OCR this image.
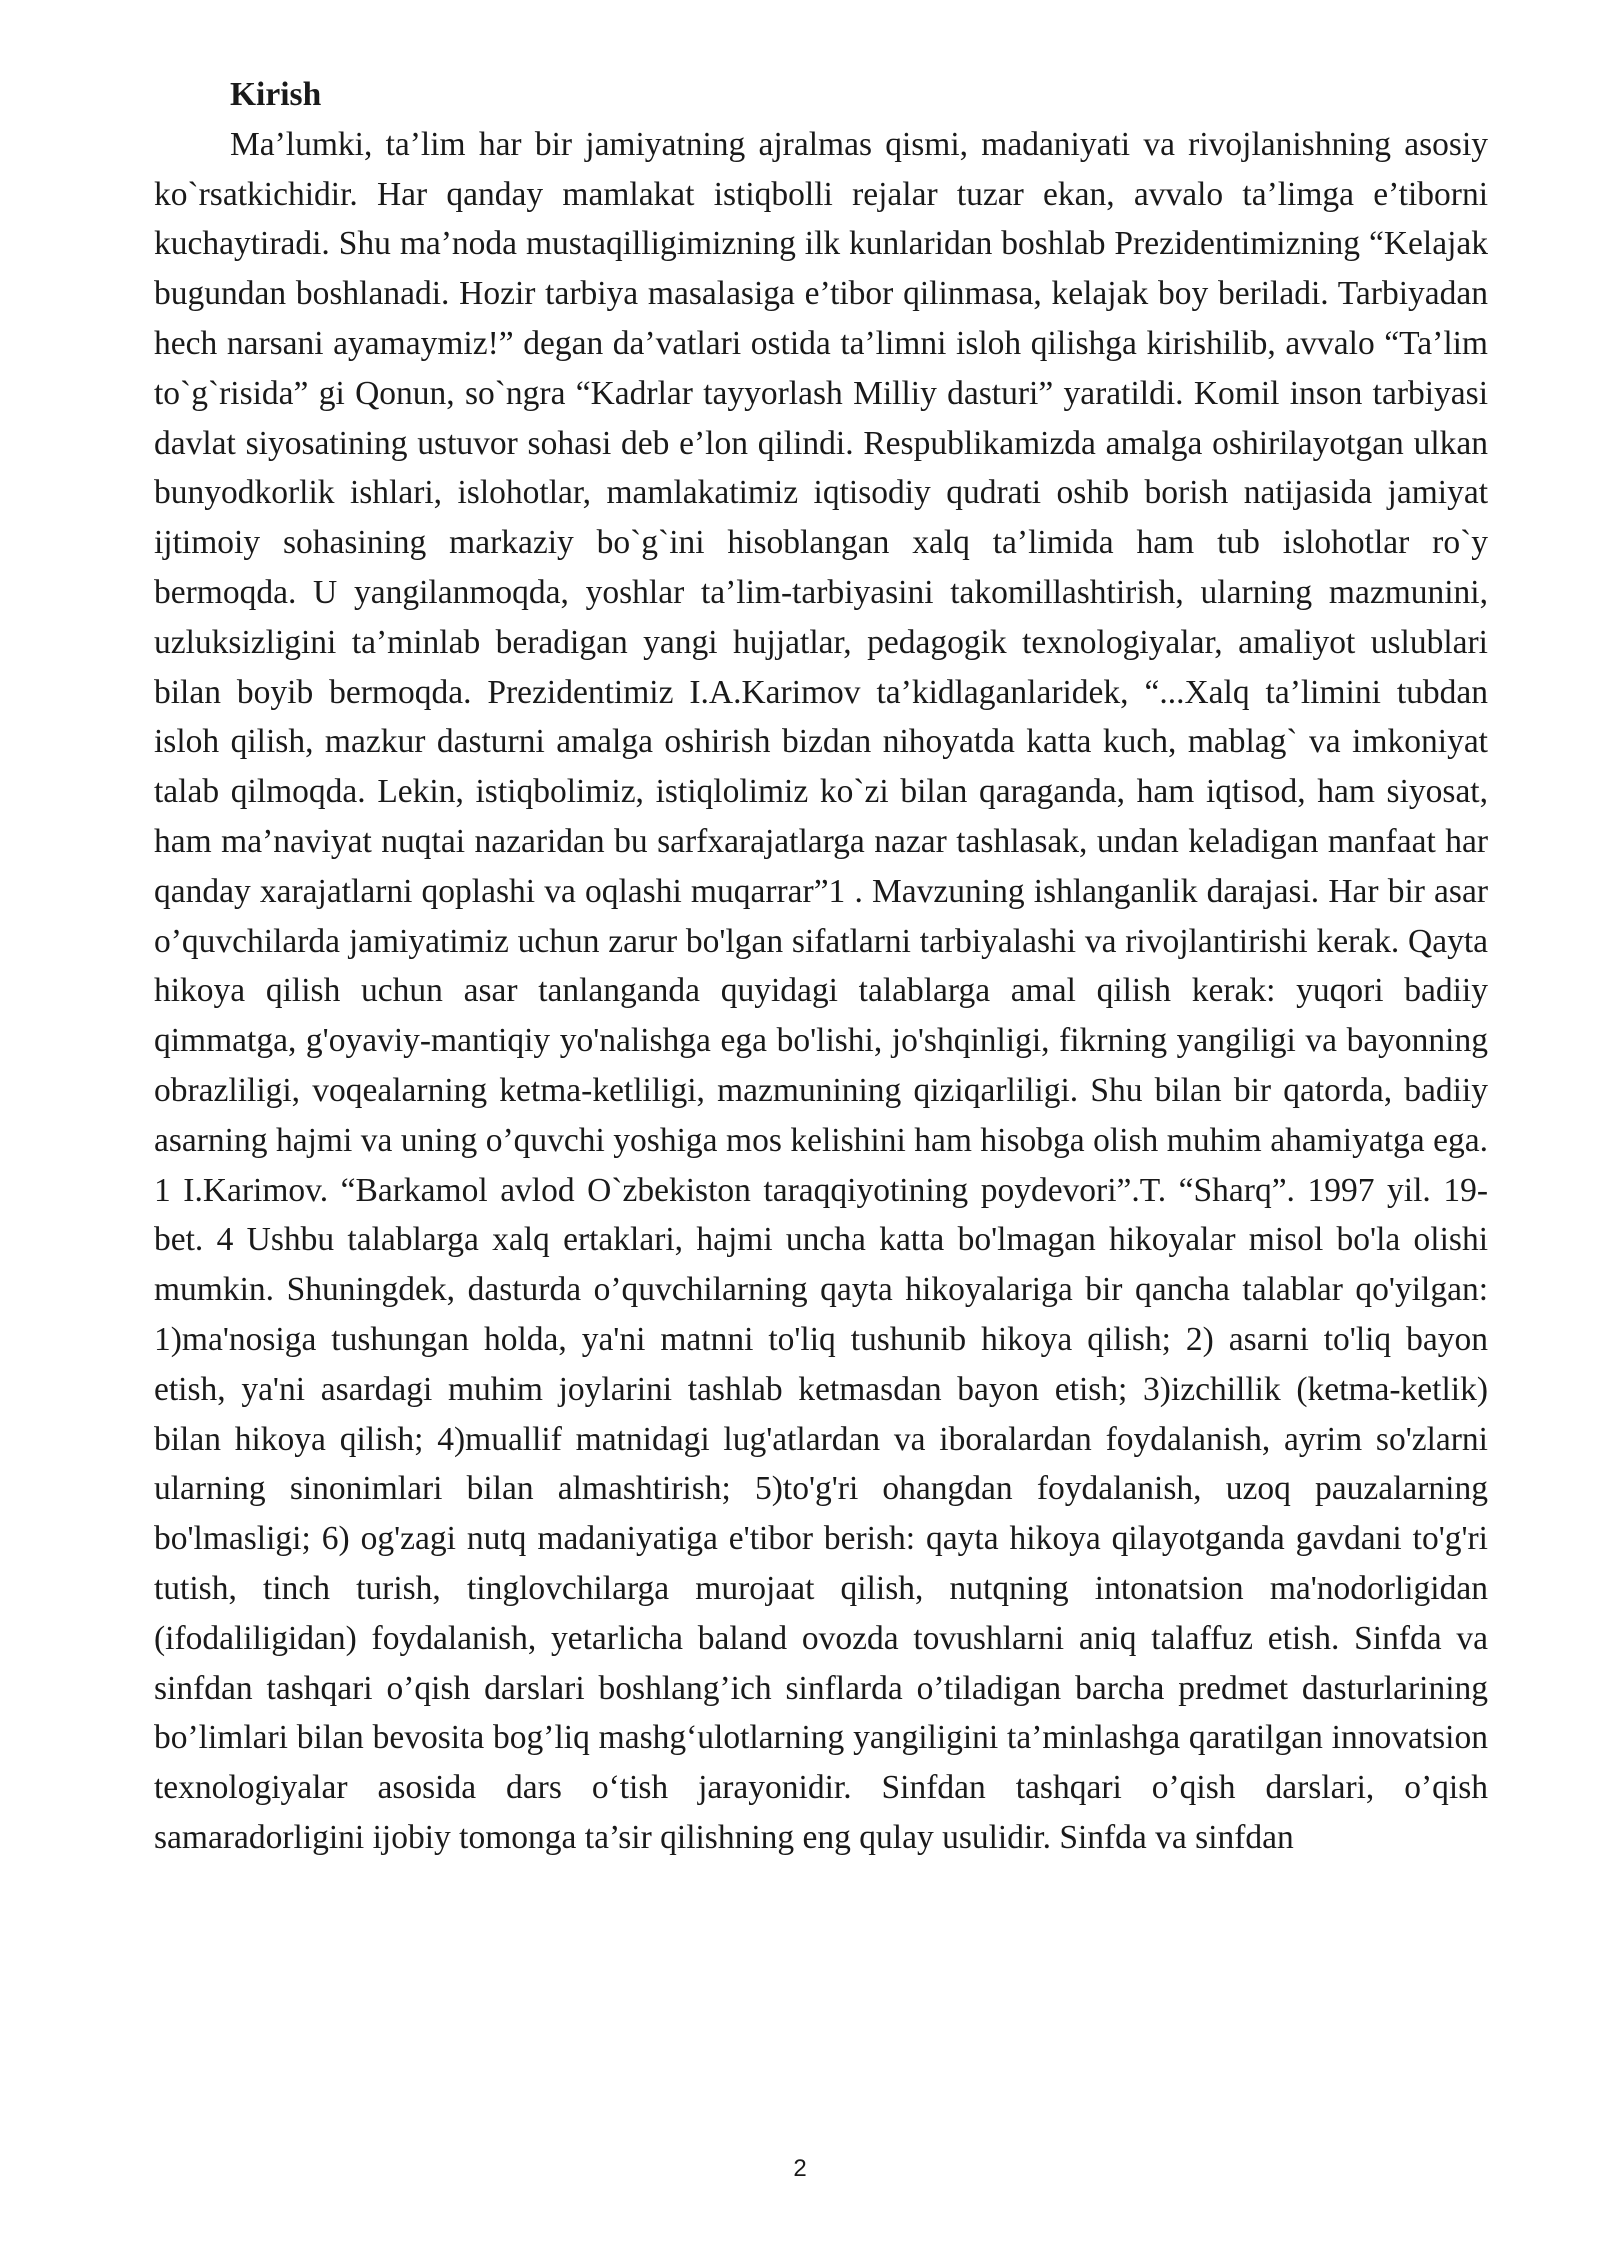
Kirish

Ma’lumki, ta’lim har bir jamiyatning ajralmas qismi, madaniyati va rivojlanishning asosiy ko`rsatkichidir. Har qanday mamlakat istiqbolli rejalar tuzar ekan, avvalo ta’limga e’tiborni kuchaytiradi. Shu ma’noda mustaqilligimizning ilk kunlaridan boshlab Prezidentimizning “Kelajak bugundan boshlanadi. Hozir tarbiya masalasiga e’tibor qilinmasa, kelajak boy beriladi. Tarbiyadan hech narsani ayamaymiz!” degan da’vatlari ostida ta’limni isloh qilishga kirishilib, avvalo “Ta’lim to`g`risida” gi Qonun, so`ngra “Kadrlar tayyorlash Milliy dasturi” yaratildi. Komil inson tarbiyasi davlat siyosatining ustuvor sohasi deb e’lon qilindi. Respublikamizda amalga oshirilayotgan ulkan bunyodkorlik ishlari, islohotlar, mamlakatimiz iqtisodiy qudrati oshib borish natijasida jamiyat ijtimoiy sohasining markaziy bo`g`ini hisoblangan xalq ta’limida ham tub islohotlar ro`y bermoqda. U yangilanmoqda, yoshlar ta’lim-tarbiyasini takomillashtirish, ularning mazmunini, uzluksizligini ta’minlab beradigan yangi hujjatlar, pedagogik texnologiyalar, amaliyot uslublari bilan boyib bermoqda. Prezidentimiz I.A.Karimov ta’kidlaganlaridek, “...Xalq ta’limini tubdan isloh qilish, mazkur dasturni amalga oshirish bizdan nihoyatda katta kuch, mablag` va imkoniyat talab qilmoqda. Lekin, istiqbolimiz, istiqlolimiz ko`zi bilan qaraganda, ham iqtisod, ham siyosat, ham ma’naviyat nuqtai nazaridan bu sarfxarajatlarga nazar tashlasak, undan keladigan manfaat har qanday xarajatlarni qoplashi va oqlashi muqarrar”1 . Mavzuning ishlanganlik darajasi. Har bir asar o’quvchilarda jamiyatimiz uchun zarur bo'lgan sifatlarni tarbiyalashi va rivojlantirishi kerak. Qayta hikoya qilish uchun asar tanlanganda quyidagi talablarga amal qilish kerak: yuqori badiiy qimmatga, g'oyaviy-mantiqiy yo'nalishga ega bo'lishi, jo'shqinligi, fikrning yangiligi va bayonning obrazliligi, voqealarning ketma-ketliligi, mazmunining qiziqarliligi. Shu bilan bir qatorda, badiiy asarning hajmi va uning o’quvchi yoshiga mos kelishini ham hisobga olish muhim ahamiyatga ega. 1 I.Karimov. “Barkamol avlod O`zbekiston taraqqiyotining poydevori”.T. “Sharq”. 1997 yil. 19-bet. 4 Ushbu talablarga xalq ertaklari, hajmi uncha katta bo'lmagan hikoyalar misol bo'la olishi mumkin. Shuningdek, dasturda o’quvchilarning qayta hikoyalariga bir qancha talablar qo'yilgan: 1)ma'nosiga tushungan holda, ya'ni matnni to'liq tushunib hikoya qilish; 2) asarni to'liq bayon etish, ya'ni asardagi muhim joylarini tashlab ketmasdan bayon etish; 3)izchillik (ketma-ketlik) bilan hikoya qilish; 4)muallif matnidagi lug'atlardan va iboralardan foydalanish, ayrim so'zlarni ularning sinonimlari bilan almashtirish; 5)to'g'ri ohangdan foydalanish, uzoq pauzalarning bo'lmasligi; 6) og'zagi nutq madaniyatiga e'tibor berish: qayta hikoya qilayotganda gavdani to'g'ri tutish, tinch turish, tinglovchilarga murojaat qilish, nutqning intonatsion ma'nodorligidan (ifodaliligidan) foydalanish, yetarlicha baland ovozda tovushlarni aniq talaffuz etish. Sinfda va sinfdan tashqari o’qish darslari boshlang’ich sinflarda o’tiladigan barcha predmet dasturlarining bo’limlari bilan bevosita bog’liq mashg‘ulotlarning yangiligini ta’minlashga qaratilgan innovatsion texnologiyalar asosida dars o‘tish jarayonidir. Sinfdan tashqari o’qish darslari, o’qish samaradorligini ijobiy tomonga ta’sir qilishning eng qulay usulidir. Sinfda va sinfdan

2
